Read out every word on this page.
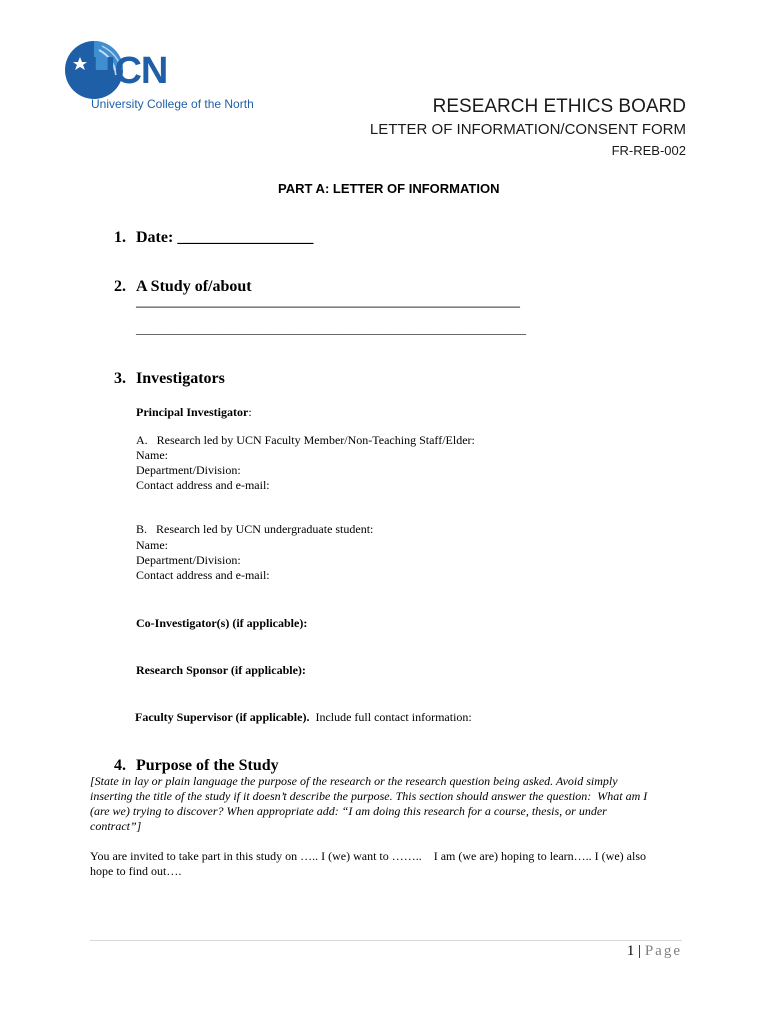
UCN
University College of the North	RESEARCH ETHICS BOARD
LETTER OF INFORMATION/CONSENT FORM
FR-REB-002
PART A: LETTER OF INFORMATION
1. Date: _________________
2. A Study of/about
________________________________________________________________
_________________________________________________________________
3. Investigators
Principal Investigator:
A.   Research led by UCN Faculty Member/Non-Teaching Staff/Elder:
Name:
Department/Division:
Contact address and e-mail:
B.   Research led by UCN undergraduate student:
Name:
Department/Division:
Contact address and e-mail:
Co-Investigator(s) (if applicable):
Research Sponsor (if applicable):
Faculty Supervisor (if applicable).  Include full contact information:
4. Purpose of the Study
[State in lay or plain language the purpose of the research or the research question being asked. Avoid simply
inserting the title of the study if it doesn’t describe the purpose. This section should answer the question:  What am I
(are we) trying to discover? When appropriate add: “I am doing this research for a course, thesis, or under
contract”]
You are invited to take part in this study on ….. I (we) want to ……..    I am (we are) hoping to learn….. I (we) also
hope to find out….
1 | Page
